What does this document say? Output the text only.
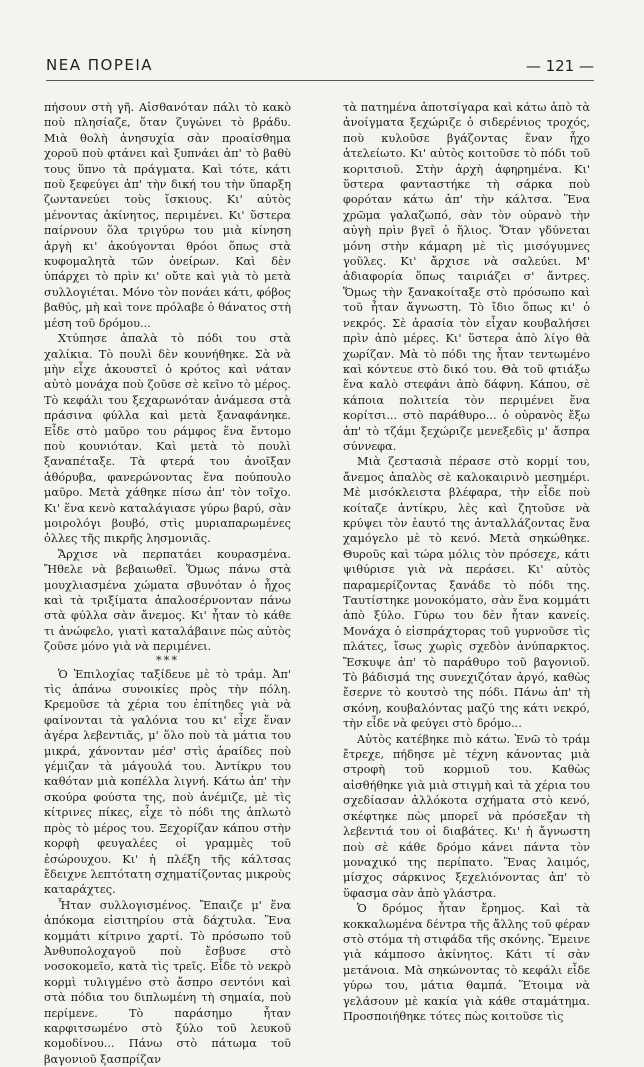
ΝΕΑ ΠΟΡΕΙΑ	— 121 —

πήσουν στὴ γῆ. Αἰσθανόταν πάλι τὸ κακὸ ποὺ πλησίαζε, ὅταν ζυγώνει τὸ βράδυ. Μιὰ θολὴ ἀνησυχία σὰν προαίσθημα χοροῦ ποὺ φτάνει καὶ ξυπνάει ἀπ' τὸ βαθὺ τους ὕπνο τὰ πράγματα. Καὶ τότε, κάτι ποὺ ξεφεύγει ἀπ' τὴν δική του τὴν ὕπαρξη ζωντανεύει τοὺς ἴσκιους. Κι' αὐτὸς μένοντας ἀκίνητος, περιμένει. Κι' ὕστερα παίρνουν ὅλα τριγύρω του μιὰ κίνηση ἀργὴ κι' ἀκούγονται θρόοι ὅπως στὰ κυφομαλητὰ τῶν ὀνείρων. Καὶ δὲν ὑπάρχει τὸ πρὶν κι' οὔτε καὶ γιὰ τὸ μετὰ συλλογιέται. Μόνο τὸν πονάει κάτι, φόβος βαθύς, μὴ καὶ τονε πρόλαβε ὁ θάνατος στὴ μέση τοῦ δρόμου...

Χτύπησε ἀπαλὰ τὸ πόδι του στὰ χαλίκια. Τὸ πουλὶ δὲν κουνήθηκε. Σὰ νὰ μὴν εἶχε ἀκουστεῖ ὁ κρότος καὶ νάταν αὐτὸ μονάχα ποὺ ζοῦσε σὲ κεῖνο τὸ μέρος. Τὸ κεφάλι του ξεχαρωνόταν ἀνάμεσα στὰ πράσινα φύλλα καὶ μετὰ ξαναφάνηκε. Εἶδε στὸ μαῦρο του ράμφος ἕνα ἔντομο ποὺ κουνιόταν. Καὶ μετὰ τὸ πουλὶ ξαναπέταξε. Τὰ φτερά του ἀνοῖξαν ἀθόρυβα, φανερώνοντας ἕνα πούπουλο μαῦρο. Μετὰ χάθηκε πίσω ἀπ' τὸν τοῖχο. Κι' ἕνα κενὸ καταλάγιασε γύρω βαρύ, σὰν μοιρολόγι βουβό, στὶς μυριαπαρωμένες ὁλλες τῆς πικρῆς λησμονιᾶς.

Ἄρχισε νὰ περπατάει κουρασμένα. Ἤθελε νὰ βεβαιωθεῖ. Ὅμως πάνω στὰ μουχλιασμένα χώματα σβυνόταν ὁ ἦχος καὶ τὰ τριξίματα ἀπαλοσέρνονταν πάνω στὰ φύλλα σὰν ἄνεμος. Κι' ἦταν τὸ κάθε τι ἀνώφελο, γιατὶ καταλάβαινε πὼς αὐτὸς ζοῦσε μόνο γιὰ νὰ περιμένει.

***

Ὁ Ἐπιλοχίας ταξίδευε μὲ τὸ τράμ. Ἀπ' τὶς ἀπάνω συνοικίες πρὸς τὴν πόλη. Κρεμοῦσε τὰ χέρια του ἐπίτηδες γιὰ νὰ φαίνονται τὰ γαλόνια του κι' εἶχε ἕναν ἀγέρα λεβεντιᾶς, μ' ὅλο ποὺ τὰ μάτια του μικρά, χάνονταν μέσ' στὶς ἀραίδες ποὺ γέμιζαν τὰ μάγουλά του. Ἀντίκρυ του καθόταν μιὰ κοπέλλα λιγνή. Κάτω ἀπ' τὴν σκούρα φούστα της, ποὺ ἀνέμιζε, μὲ τὶς κίτρινες πίκες, εἶχε τὸ πόδι της ἁπλωτὸ πρὸς τὸ μέρος του. Ξεχορίζαν κάπου στὴν κορφὴ φευγαλέες οἱ γραμμὲς τοῦ ἐσώρουχου. Κι' ἡ πλέξη τῆς κάλτσας ἔδειχνε λεπτότατη σχηματίζοντας μικροὺς καταράχτες.

Ἦταν συλλογισμένος. Ἔπαιζε μ' ἕνα ἀπόκομα εἰσιτηρίου στὰ δάχτυλα. Ἕνα κομμάτι κίτρινο χαρτί. Τὸ πρόσωπο τοῦ Ἀνθυπολοχαγοῦ ποὺ ἔσβυσε στὸ νοσοκομεῖο, κατὰ τὶς τρεῖς. Εἶδε τὸ νεκρὸ κορμὶ τυλιγμένο στὸ ἄσπρο σεντόνι καὶ στὰ πόδια του διπλωμένη τὴ σημαία, ποὺ περίμενε. Τὸ παράσημο ἦταν καρφιτσωμένο στὸ ξύλο τοῦ λευκοῦ κομοδίνου... Πάνω στὸ πάτωμα τοῦ βαγονιοῦ ξασπρίζαν

τὰ πατημένα ἀποτσίγαρα καὶ κάτω ἀπὸ τὰ ἀνοίγματα ξεχώριζε ὁ σιδερένιος τροχός, ποὺ κυλοῦσε βγάζοντας ἕναν ἦχο ἀτελείωτο. Κι' αὐτὸς κοιτοῦσε τὸ πόδι τοῦ κοριτσιοῦ. Στὴν ἀρχὴ ἀφηρημένα. Κι' ὕστερα φανταστήκε τὴ σάρκα ποὺ φορόταν κάτω ἀπ' τὴν κάλτσα. Ἕνα χρῶμα γαλαζωπό, σὰν τὸν οὐρανὸ τὴν αὐγὴ πρὶν βγεῖ ὁ ἥλιος. Ὅταν γδύνεται μόνη στὴν κάμαρη μὲ τὶς μισόγυμνες γοῦλες. Κι' ἄρχισε νὰ σαλεύει. Μ' ἀδιαφορία ὅπως ταιριάζει σ' ἄντρες. Ὅμως τὴν ξανακοίταξε στὸ πρόσωπο καὶ τοῦ ἦταν ἄγνωστη. Τὸ ἴδιο ὅπως κι' ὁ νεκρός. Σὲ ἀρασία τὸν εἶχαν κουβαλήσει πρὶν ἀπὸ μέρες. Κι' ὕστερα ἀπὸ λίγο θὰ χωρίζαν. Μὰ τὸ πόδι της ἦταν τεντωμένο καὶ κόντευε στὸ δικό του. Θὰ τοῦ φτιάξω ἕνα καλὸ στεφάνι ἀπὸ δάφνη. Κάπου, σὲ κάποια πολιτεία τὸν περιμένει ἕνα κορίτσι... στὸ παράθυρο... ὁ οὐρανὸς ἔξω ἀπ' τὸ τζάμι ξεχώριζε μενεξεδὶς μ' ἄσπρα σύννεφα.

Μιὰ ζεστασιὰ πέρασε στὸ κορμί του, ἄνεμος ἀπαλὸς σὲ καλοκαιρινὸ μεσημέρι. Μὲ μισόκλειστα βλέφαρα, τὴν εἶδε ποὺ κοίταζε ἀντίκρυ, λὲς καὶ ζητοῦσε νὰ κρύψει τὸν ἑαυτό της ἀνταλλάζοντας ἕνα χαμόγελο μὲ τὸ κενό. Μετὰ σηκώθηκε. Θυροῦς καὶ τώρα μόλις τὸν πρόσεχε, κάτι ψιθύρισε γιὰ νὰ περάσει. Κι' αὐτὸς παραμερίζοντας ξανάδε τὸ πόδι της. Ταυτίστηκε μονοκόματο, σὰν ἕνα κομμάτι ἀπὸ ξύλο. Γύρω του δὲν ἦταν κανείς. Μονάχα ὁ εἰσπράχτορας τοῦ γυρνοῦσε τὶς πλάτες, ἴσως χωρὶς σχεδὸν ἀνύπαρκτος. Ἔσκυψε ἀπ' τὸ παράθυρο τοῦ βαγονιοῦ. Τὸ βάδισμά της συνεχιζόταν ἀργό, καθὼς ἔσερνε τὸ κουτσὸ της πόδι. Πάνω ἀπ' τὴ σκόνη, κουβαλόντας μαζύ της κάτι νεκρό, τὴν εἶδε νὰ φεύγει στὸ δρόμο...

Αὐτὸς κατέβηκε πιὸ κάτω. Ἐνῶ τὸ τράμ ἔτρεχε, πήδησε μὲ τέχνη κάνοντας μιὰ στροφὴ τοῦ κορμιοῦ του. Καθὼς αἰσθήθηκε γιὰ μιὰ στιγμὴ καὶ τὰ χέρια του σχεδίασαν ἀλλόκοτα σχήματα στὸ κενό, σκέφτηκε πὼς μπορεῖ νὰ πρόσεξαν τὴ λεβεντιά του οἱ διαβάτες. Κι' ἡ ἄγνωστη ποὺ σὲ κάθε δρόμο κάνει πάντα τὸν μοναχικό της περίπατο. Ἕνας λαιμός, μίσχος σάρκινος ξεχελιόνοντας ἀπ' τὸ ὕφασμα σὰν ἀπὸ γλάστρα.

Ὁ δρόμος ἦταν ἔρημος. Καὶ τὰ κοκκαλωμένα δέντρα τῆς ἄλλης τοῦ φέραν στὸ στόμα τὴ στιφάδα τῆς σκόνης. Ἔμεινε γιὰ κάμποσο ἀκίνητος. Κάτι τί σὰν μετάνοια. Μὰ σηκώνοντας τὸ κεφάλι εἶδε γύρω του, μάτια θαμπά. Ἕτοιμα νὰ γελάσουν μὲ κακία γιὰ κάθε σταμάτημα. Προσποιήθηκε τότες πὼς κοιτοῦσε τὶς
